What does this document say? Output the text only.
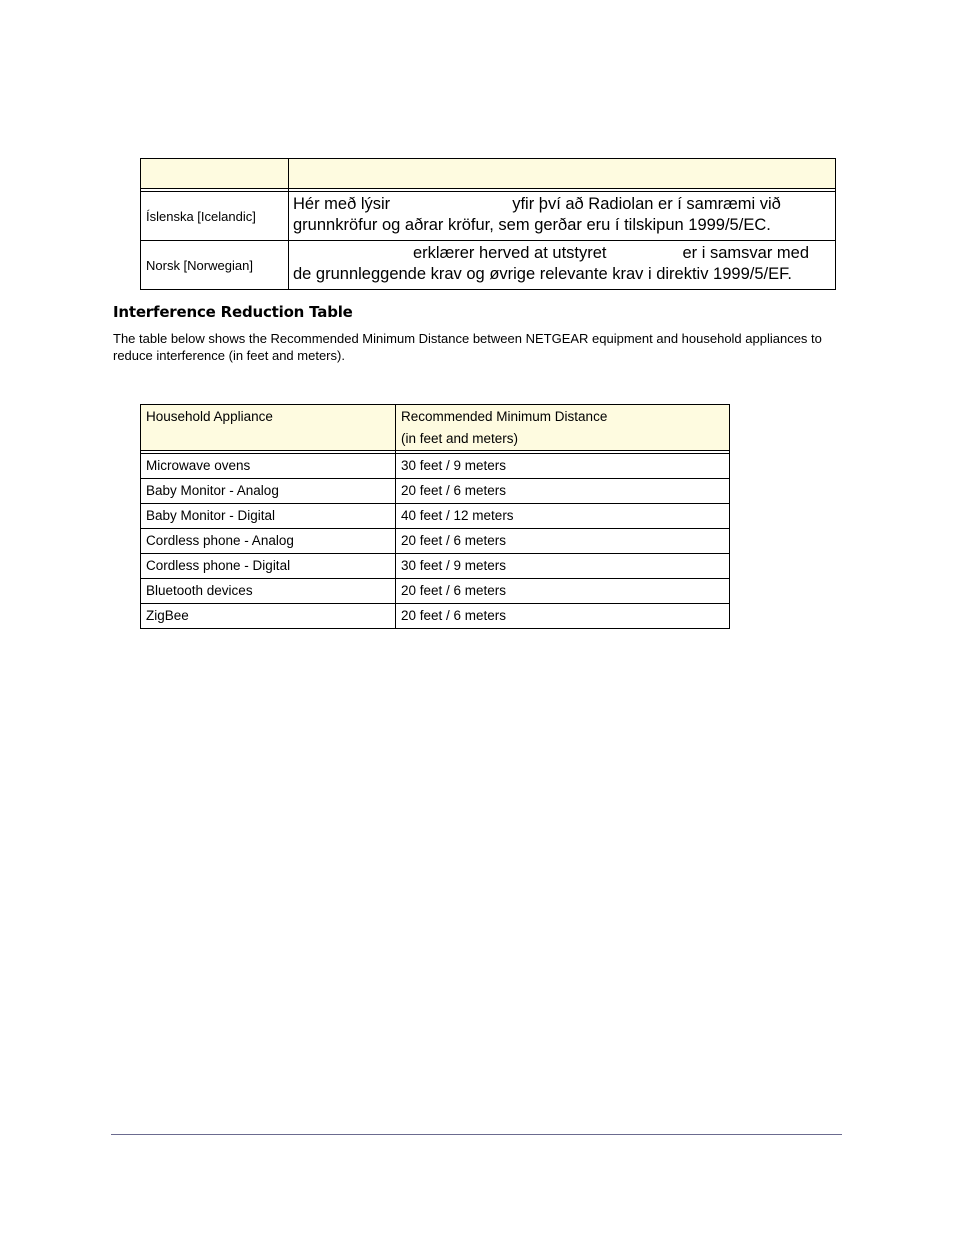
Íslenska [Icelandic]	Hér með lýsir yfir því að Radiolan er í samræmi við
grunnkröfur og aðrar kröfur, sem gerðar eru í tilskipun 1999/5/EC.

Norsk [Norwegian]	erklærer herved at utstyret er i samsvar med
de grunnleggende krav og øvrige relevante krav i direktiv 1999/5/EF.
Interference Reduction Table

The table below shows the Recommended Minimum Distance between NETGEAR equipment and household appliances to reduce interference (in feet and meters).

Household Appliance	Recommended Minimum Distance
(in feet and meters)

Microwave ovens	30 feet / 9 meters
Baby Monitor - Analog	20 feet / 6 meters
Baby Monitor - Digital	40 feet / 12 meters
Cordless phone - Analog	20 feet / 6 meters
Cordless phone - Digital	30 feet / 9 meters
Bluetooth devices	20 feet / 6 meters
ZigBee	20 feet / 6 meters
